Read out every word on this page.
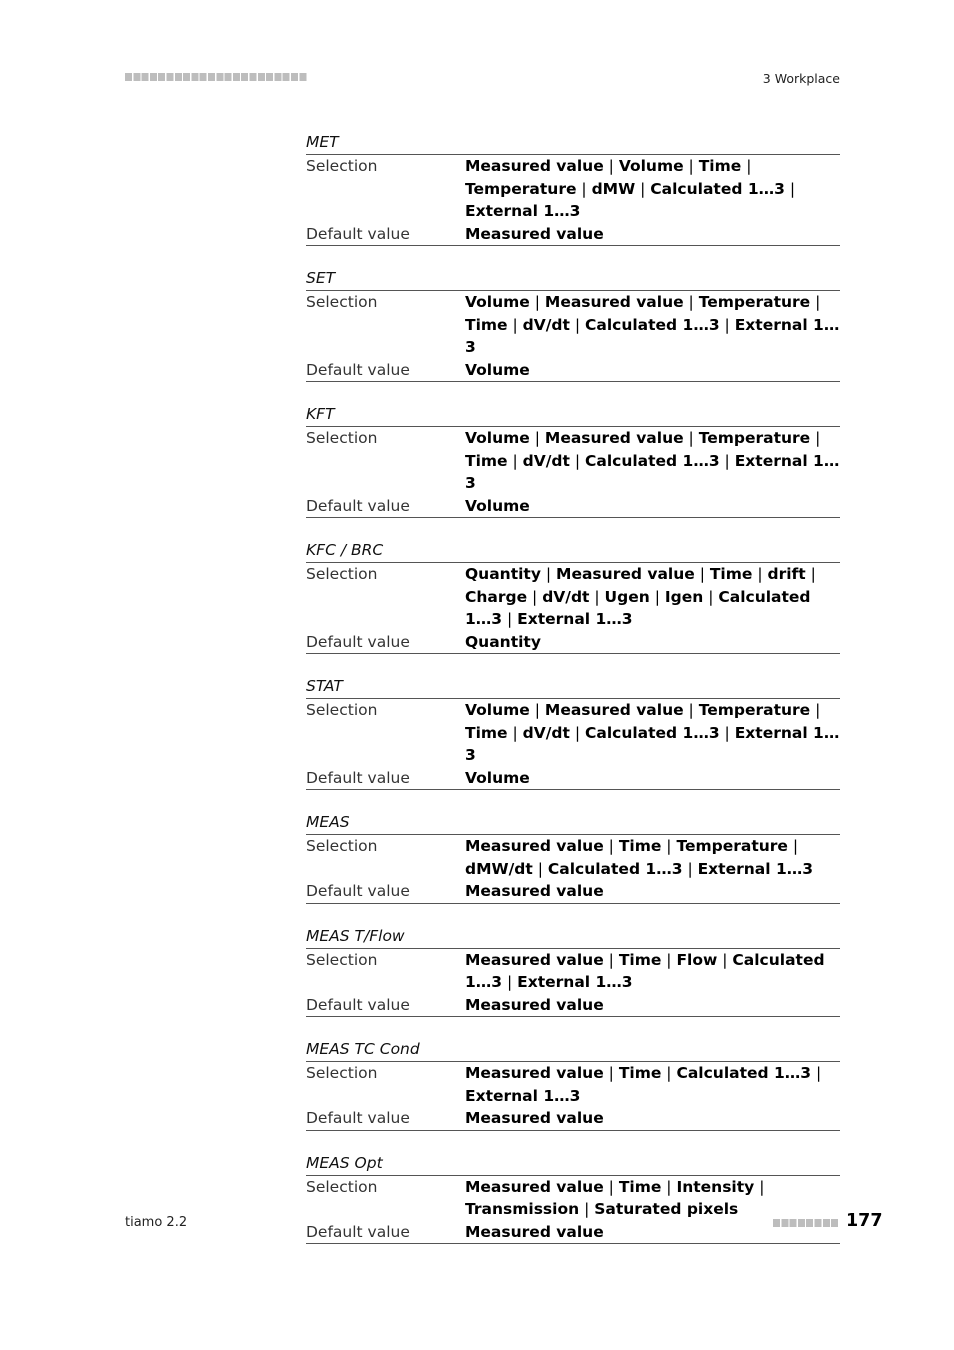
3 Workplace
MET
Selection	Measured value | Volume | Time | Temperature | dMW | Calculated 1…3 | External 1…3
Default value	Measured value
SET
Selection	Volume | Measured value | Temperature | Time | dV/dt | Calculated 1…3 | External 1…3
Default value	Volume
KFT
Selection	Volume | Measured value | Temperature | Time | dV/dt | Calculated 1…3 | External 1…3
Default value	Volume
KFC / BRC
Selection	Quantity | Measured value | Time | drift | Charge | dV/dt | Ugen | Igen | Calculated 1…3 | External 1…3
Default value	Quantity
STAT
Selection	Volume | Measured value | Temperature | Time | dV/dt | Calculated 1…3 | External 1…3
Default value	Volume
MEAS
Selection	Measured value | Time | Temperature | dMW/dt | Calculated 1…3 | External 1…3
Default value	Measured value
MEAS T/Flow
Selection	Measured value | Time | Flow | Calculated 1…3 | External 1…3
Default value	Measured value
MEAS TC Cond
Selection	Measured value | Time | Calculated 1…3 | External 1…3
Default value	Measured value
MEAS Opt
Selection	Measured value | Time | Intensity | Transmission | Saturated pixels
Default value	Measured value
tiamo 2.2	177
